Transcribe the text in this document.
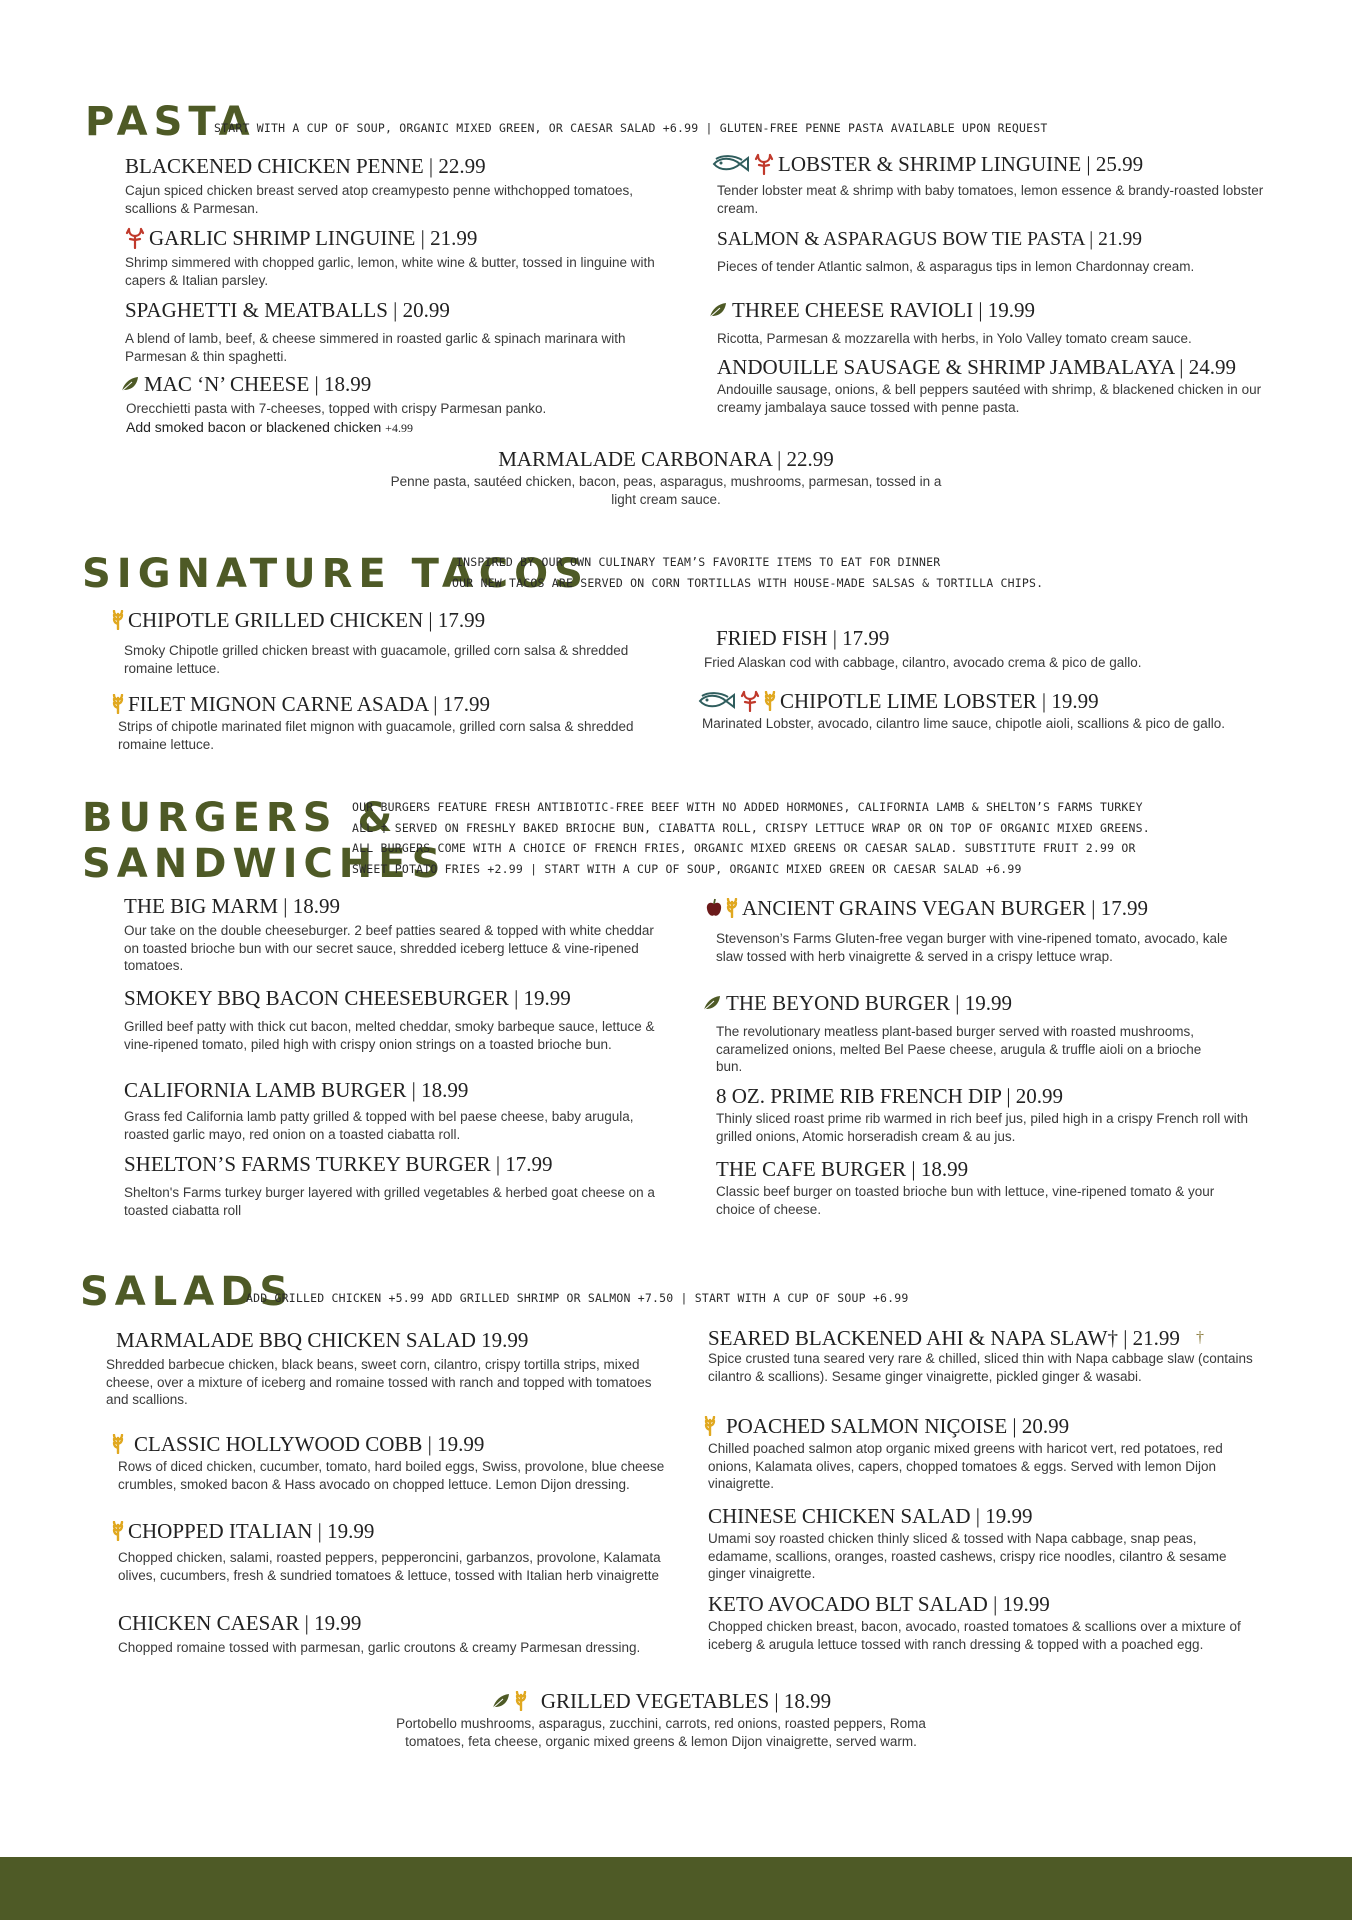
PASTA
START WITH A CUP OF SOUP, ORGANIC MIXED GREEN, OR CAESAR SALAD +6.99 | GLUTEN-FREE PENNE PASTA AVAILABLE UPON REQUEST
BLACKENED CHICKEN PENNE | 22.99
Cajun spiced chicken breast served atop creamypesto penne withchopped tomatoes, scallions & Parmesan.
GARLIC SHRIMP LINGUINE | 21.99
Shrimp simmered with chopped garlic, lemon, white wine & butter, tossed in linguine with capers & Italian parsley.
SPAGHETTI & MEATBALLS | 20.99
A blend of lamb, beef, & cheese simmered in roasted garlic & spinach marinara with Parmesan & thin spaghetti.
MAC ‘N’ CHEESE | 18.99
Orecchietti pasta with 7-cheeses, topped with crispy Parmesan panko.
Add smoked bacon or blackened chicken +4.99
LOBSTER & SHRIMP LINGUINE | 25.99
Tender lobster meat & shrimp with baby tomatoes, lemon essence & brandy-roasted lobster cream.
SALMON & ASPARAGUS BOW TIE PASTA | 21.99
Pieces of tender Atlantic salmon, & asparagus tips in lemon Chardonnay cream.
THREE CHEESE RAVIOLI | 19.99
Ricotta, Parmesan & mozzarella with herbs, in Yolo Valley tomato cream sauce.
ANDOUILLE SAUSAGE & SHRIMP JAMBALAYA | 24.99
Andouille sausage, onions, & bell peppers sautéed with shrimp, & blackened chicken in our creamy jambalaya sauce tossed with penne pasta.
MARMALADE CARBONARA | 22.99
Penne pasta, sautéed chicken, bacon, peas, asparagus, mushrooms, parmesan, tossed in a light cream sauce.
SIGNATURE TACOS
INSPIRED BY OUR OWN CULINARY TEAM’S FAVORITE ITEMS TO EAT FOR DINNER
OUR NEW TACOS ARE SERVED ON CORN TORTILLAS WITH HOUSE-MADE SALSAS & TORTILLA CHIPS.
CHIPOTLE GRILLED CHICKEN | 17.99
Smoky Chipotle grilled chicken breast with guacamole, grilled corn salsa & shredded romaine lettuce.
FILET MIGNON CARNE ASADA | 17.99
Strips of chipotle marinated filet mignon with guacamole, grilled corn salsa & shredded romaine lettuce.
FRIED FISH | 17.99
Fried Alaskan cod with cabbage, cilantro, avocado crema & pico de gallo.
CHIPOTLE LIME LOBSTER | 19.99
Marinated Lobster, avocado, cilantro lime sauce, chipotle aioli, scallions & pico de gallo.
BURGERS &
SANDWICHES
OUR BURGERS FEATURE FRESH ANTIBIOTIC-FREE BEEF WITH NO ADDED HORMONES, CALIFORNIA LAMB & SHELTON’S FARMS TURKEY ALL † SERVED ON FRESHLY BAKED BRIOCHE BUN, CIABATTA ROLL, CRISPY LETTUCE WRAP OR ON TOP OF ORGANIC MIXED GREENS. ALL BURGERS COME WITH A CHOICE OF FRENCH FRIES, ORGANIC MIXED GREENS OR CAESAR SALAD. SUBSTITUTE FRUIT 2.99 OR SWEET POTATO FRIES +2.99 | START WITH A CUP OF SOUP, ORGANIC MIXED GREEN OR CAESAR SALAD +6.99
THE BIG MARM | 18.99
Our take on the double cheeseburger. 2 beef patties seared & topped with white cheddar on toasted brioche bun with our secret sauce, shredded iceberg lettuce & vine-ripened tomatoes.
SMOKEY BBQ BACON CHEESEBURGER | 19.99
Grilled beef patty with thick cut bacon, melted cheddar, smoky barbeque sauce, lettuce & vine-ripened tomato, piled high with crispy onion strings on a toasted brioche bun.
CALIFORNIA LAMB BURGER | 18.99
Grass fed California lamb patty grilled & topped with bel paese cheese, baby arugula, roasted garlic mayo, red onion on a toasted ciabatta roll.
SHELTON’S FARMS TURKEY BURGER | 17.99
Shelton's Farms turkey burger layered with grilled vegetables & herbed goat cheese on a toasted ciabatta roll
ANCIENT GRAINS VEGAN BURGER | 17.99
Stevenson’s Farms Gluten-free vegan burger with vine-ripened tomato, avocado, kale slaw tossed with herb vinaigrette & served in a crispy lettuce wrap.
THE BEYOND BURGER | 19.99
The revolutionary meatless plant-based burger served with roasted mushrooms, caramelized onions, melted Bel Paese cheese, arugula & truffle aioli on a brioche bun.
8 OZ. PRIME RIB FRENCH DIP | 20.99
Thinly sliced roast prime rib warmed in rich beef jus, piled high in a crispy French roll with grilled onions, Atomic horseradish cream & au jus.
THE CAFE BURGER | 18.99
Classic beef burger on toasted brioche bun with lettuce, vine-ripened tomato & your choice of cheese.
SALADS
ADD GRILLED CHICKEN +5.99 ADD GRILLED SHRIMP OR SALMON +7.50 | START WITH A CUP OF SOUP +6.99
MARMALADE BBQ CHICKEN SALAD 19.99
Shredded barbecue chicken, black beans, sweet corn, cilantro, crispy tortilla strips, mixed cheese, over a mixture of iceberg and romaine tossed with ranch and topped with tomatoes and scallions.
CLASSIC HOLLYWOOD COBB | 19.99
Rows of diced chicken, cucumber, tomato, hard boiled eggs, Swiss, provolone, blue cheese crumbles, smoked bacon & Hass avocado on chopped lettuce. Lemon Dijon dressing.
CHOPPED ITALIAN | 19.99
Chopped chicken, salami, roasted peppers, pepperoncini, garbanzos, provolone, Kalamata olives, cucumbers, fresh & sundried tomatoes & lettuce, tossed with Italian herb vinaigrette
CHICKEN CAESAR | 19.99
Chopped romaine tossed with parmesan, garlic croutons & creamy Parmesan dressing.
SEARED BLACKENED AHI & NAPA SLAW† | 21.99 †
Spice crusted tuna seared very rare & chilled, sliced thin with Napa cabbage slaw (contains cilantro & scallions). Sesame ginger vinaigrette, pickled ginger & wasabi.
POACHED SALMON NIÇOISE | 20.99
Chilled poached salmon atop organic mixed greens with haricot vert, red potatoes, red onions, Kalamata olives, capers, chopped tomatoes & eggs. Served with lemon Dijon vinaigrette.
CHINESE CHICKEN SALAD | 19.99
Umami soy roasted chicken thinly sliced & tossed with Napa cabbage, snap peas, edamame, scallions, oranges, roasted cashews, crispy rice noodles, cilantro & sesame ginger vinaigrette.
KETO AVOCADO BLT SALAD | 19.99
Chopped chicken breast, bacon, avocado, roasted tomatoes & scallions over a mixture of iceberg & arugula lettuce tossed with ranch dressing & topped with a poached egg.
GRILLED VEGETABLES | 18.99
Portobello mushrooms, asparagus, zucchini, carrots, red onions, roasted peppers, Roma tomatoes, feta cheese, organic mixed greens & lemon Dijon vinaigrette, served warm.
